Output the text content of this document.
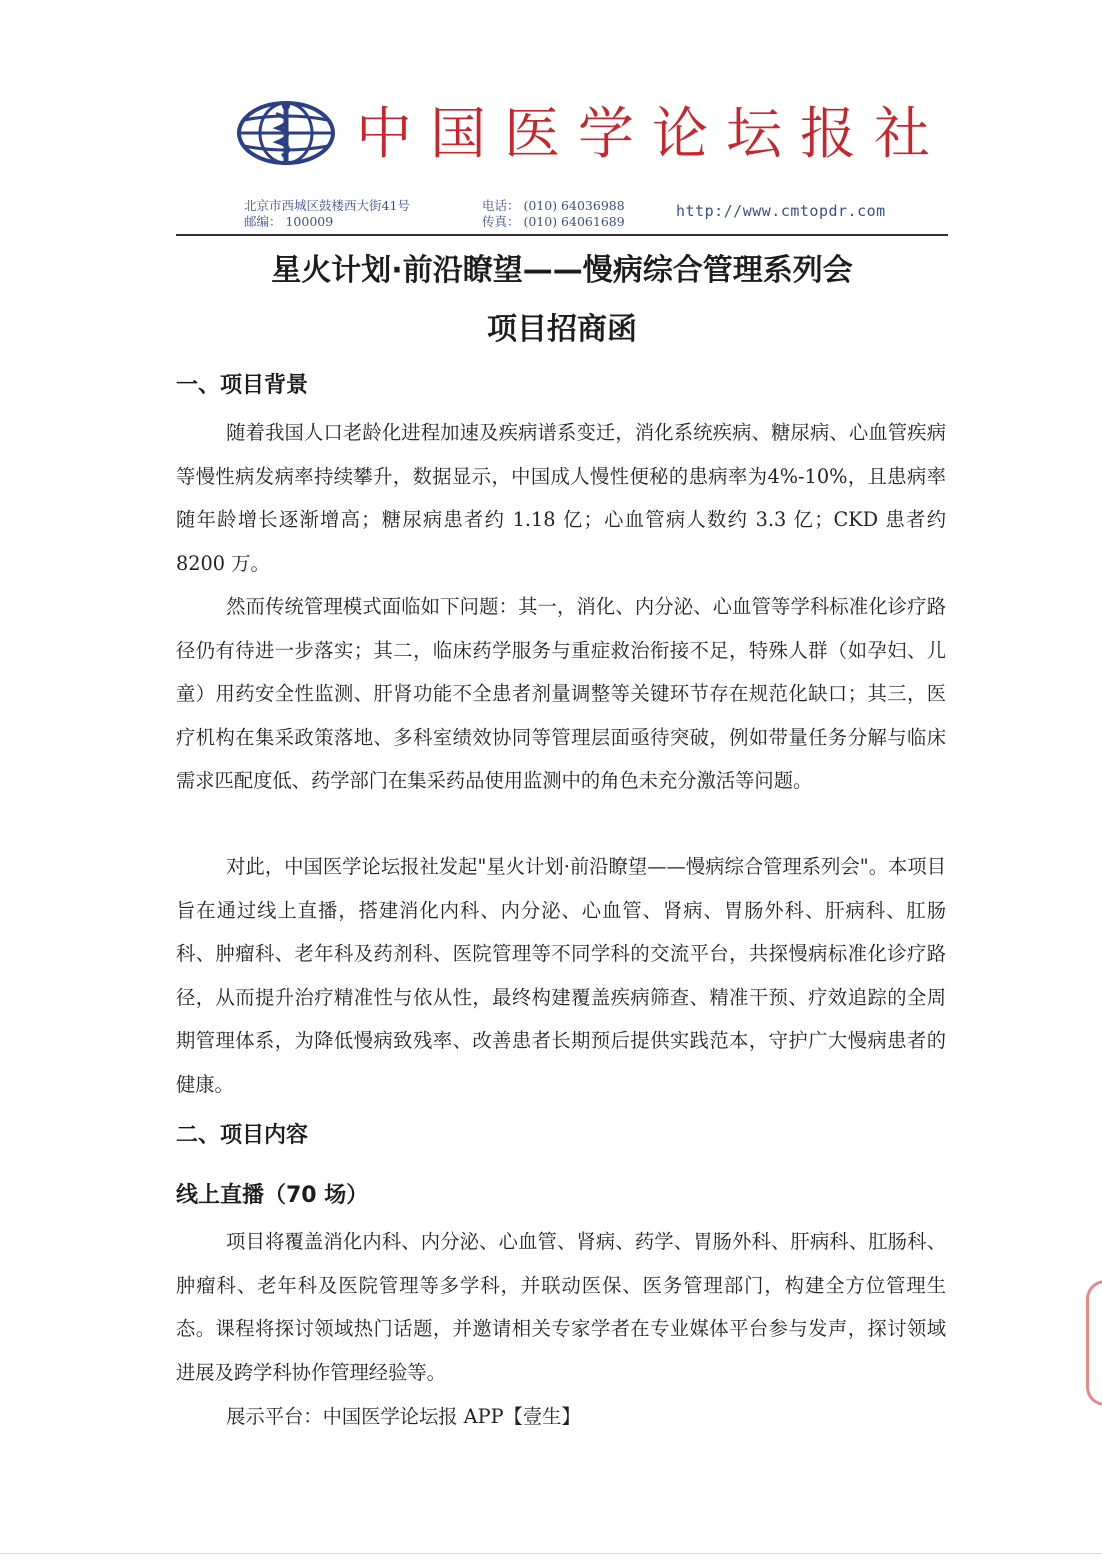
中国医学论坛报社
北京市西城区鼓楼西大街41号
邮编： 100009
电话： (010) 64036988
传真： (010) 64061689
http://www.cmtopdr.com
星火计划·前沿瞭望——慢病综合管理系列会
项目招商函
一、项目背景

随着我国人口老龄化进程加速及疾病谱系变迁，消化系统疾病、糖尿病、心血管疾病等慢性病发病率持续攀升，数据显示，中国成人慢性便秘的患病率为4%-10%，且患病率随年龄增长逐渐增高；糖尿病患者约 1.18 亿；心血管病人数约 3.3 亿；CKD 患者约 8200 万。

然而传统管理模式面临如下问题：其一，消化、内分泌、心血管等学科标准化诊疗路径仍有待进一步落实；其二，临床药学服务与重症救治衔接不足，特殊人群（如孕妇、儿童）用药安全性监测、肝肾功能不全患者剂量调整等关键环节存在规范化缺口；其三，医疗机构在集采政策落地、多科室绩效协同等管理层面亟待突破，例如带量任务分解与临床需求匹配度低、药学部门在集采药品使用监测中的角色未充分激活等问题。

对此，中国医学论坛报社发起"星火计划·前沿瞭望——慢病综合管理系列会"。本项目旨在通过线上直播，搭建消化内科、内分泌、心血管、肾病、胃肠外科、肝病科、肛肠科、肿瘤科、老年科及药剂科、医院管理等不同学科的交流平台，共探慢病标准化诊疗路径，从而提升治疗精准性与依从性，最终构建覆盖疾病筛查、精准干预、疗效追踪的全周期管理体系，为降低慢病致残率、改善患者长期预后提供实践范本，守护广大慢病患者的健康。

二、项目内容
线上直播（70 场）

项目将覆盖消化内科、内分泌、心血管、肾病、药学、胃肠外科、肝病科、肛肠科、肿瘤科、老年科及医院管理等多学科，并联动医保、医务管理部门，构建全方位管理生态。课程将探讨领域热门话题，并邀请相关专家学者在专业媒体平台参与发声，探讨领域进展及跨学科协作管理经验等。

展示平台：中国医学论坛报 APP【壹生】
